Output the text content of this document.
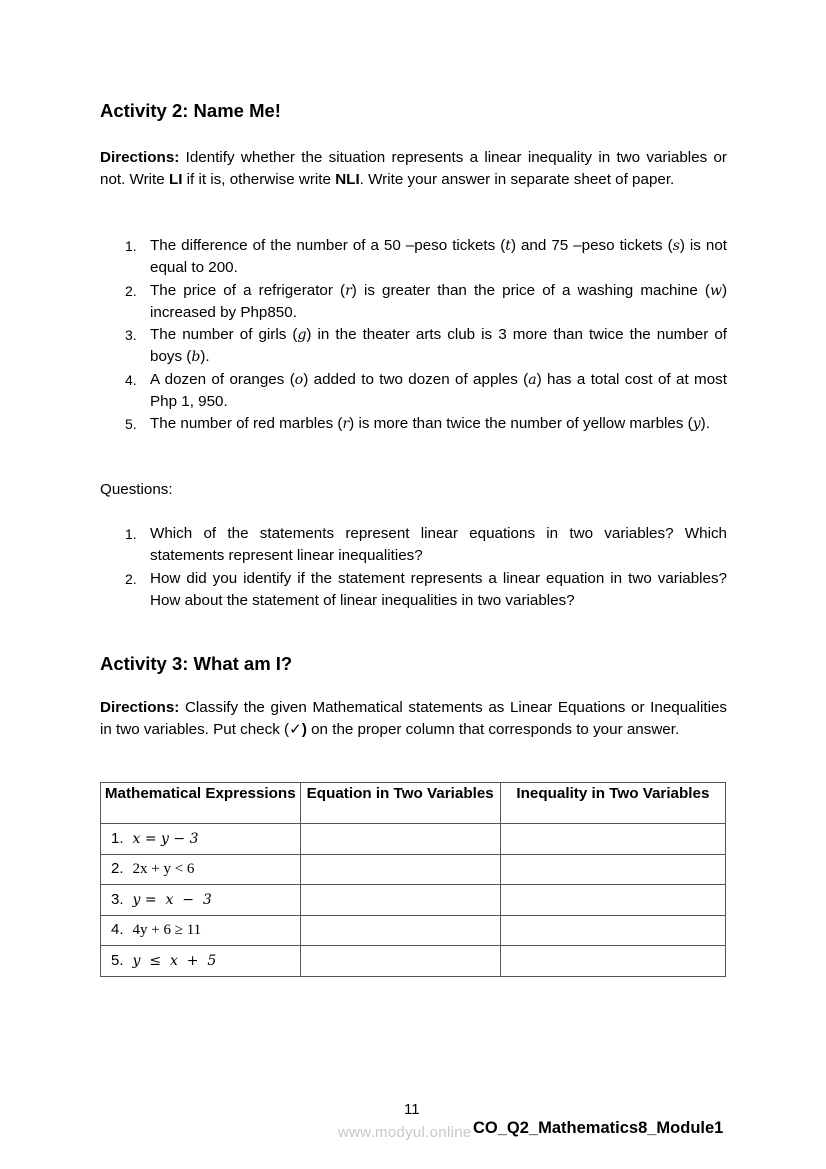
Activity 2: Name Me!

Directions: Identify whether the situation represents a linear inequality in two variables or not. Write LI if it is, otherwise write NLI. Write your answer in separate sheet of paper.

1. The difference of the number of a 50 –peso tickets (t) and 75 –peso tickets (s) is not equal to 200.
2. The price of a refrigerator (r) is greater than the price of a washing machine (w) increased by Php850.
3. The number of girls (g) in the theater arts club is 3 more than twice the number of boys (b).
4. A dozen of oranges (o) added to two dozen of apples (a) has a total cost of at most Php 1, 950.
5. The number of red marbles (r) is more than twice the number of yellow marbles (y).

Questions:

1. Which of the statements represent linear equations in two variables? Which statements represent linear inequalities?
2. How did you identify if the statement represents a linear equation in two variables? How about the statement of linear inequalities in two variables?
Activity 3: What am I?

Directions: Classify the given Mathematical statements as Linear Equations or Inequalities in two variables. Put check (✓) on the proper column that corresponds to your answer.

Mathematical Expressions	Equation in Two Variables	Inequality in Two Variables
1. x = y − 3		
2. 2x + y < 6		
3. y =  x  −  3		
4. 4y + 6 ≥ 11		
5. y  ≤  x  +  5		
11
www.modyul.online CO_Q2_Mathematics8_Module1
